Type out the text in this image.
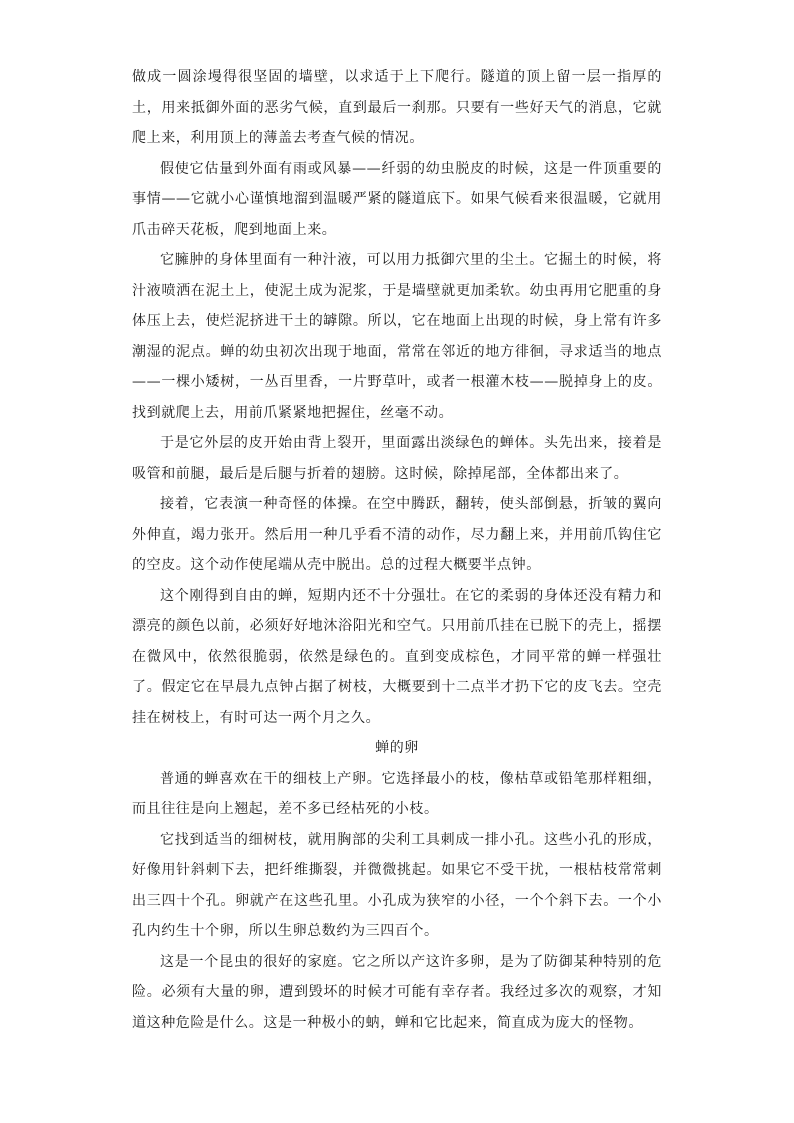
做成一圆涂墁得很坚固的墙壁，以求适于上下爬行。隧道的顶上留一层一指厚的土，用来抵御外面的恶劣气候，直到最后一刹那。只要有一些好天气的消息，它就爬上来，利用顶上的薄盖去考查气候的情况。

假使它估量到外面有雨或风暴——纤弱的幼虫脱皮的时候，这是一件顶重要的事情——它就小心谨慎地溜到温暖严紧的隧道底下。如果气候看来很温暖，它就用爪击碎天花板，爬到地面上来。

它臃肿的身体里面有一种汁液，可以用力抵御穴里的尘土。它掘土的时候，将汁液喷洒在泥土上，使泥土成为泥浆，于是墙壁就更加柔软。幼虫再用它肥重的身体压上去，使烂泥挤进干土的罅隙。所以，它在地面上出现的时候，身上常有许多潮湿的泥点。蝉的幼虫初次出现于地面，常常在邻近的地方徘徊，寻求适当的地点——一棵小矮树，一丛百里香，一片野草叶，或者一根灌木枝——脱掉身上的皮。找到就爬上去，用前爪紧紧地把握住，丝毫不动。

于是它外层的皮开始由背上裂开，里面露出淡绿色的蝉体。头先出来，接着是吸管和前腿，最后是后腿与折着的翅膀。这时候，除掉尾部，全体都出来了。

接着，它表演一种奇怪的体操。在空中腾跃，翻转，使头部倒悬，折皱的翼向外伸直，竭力张开。然后用一种几乎看不清的动作，尽力翻上来，并用前爪钩住它的空皮。这个动作使尾端从壳中脱出。总的过程大概要半点钟。

这个刚得到自由的蝉，短期内还不十分强壮。在它的柔弱的身体还没有精力和漂亮的颜色以前，必须好好地沐浴阳光和空气。只用前爪挂在已脱下的壳上，摇摆在微风中，依然很脆弱，依然是绿色的。直到变成棕色，才同平常的蝉一样强壮了。假定它在早晨九点钟占据了树枝，大概要到十二点半才扔下它的皮飞去。空壳挂在树枝上，有时可达一两个月之久。

蝉的卵

普通的蝉喜欢在干的细枝上产卵。它选择最小的枝，像枯草或铅笔那样粗细，而且往往是向上翘起，差不多已经枯死的小枝。

它找到适当的细树枝，就用胸部的尖利工具刺成一排小孔。这些小孔的形成，好像用针斜刺下去，把纤维撕裂，并微微挑起。如果它不受干扰，一根枯枝常常刺出三四十个孔。卵就产在这些孔里。小孔成为狭窄的小径，一个个斜下去。一个小孔内约生十个卵，所以生卵总数约为三四百个。

这是一个昆虫的很好的家庭。它之所以产这许多卵，是为了防御某种特别的危险。必须有大量的卵，遭到毁坏的时候才可能有幸存者。我经过多次的观察，才知道这种危险是什么。这是一种极小的蚋，蝉和它比起来，简直成为庞大的怪物。
